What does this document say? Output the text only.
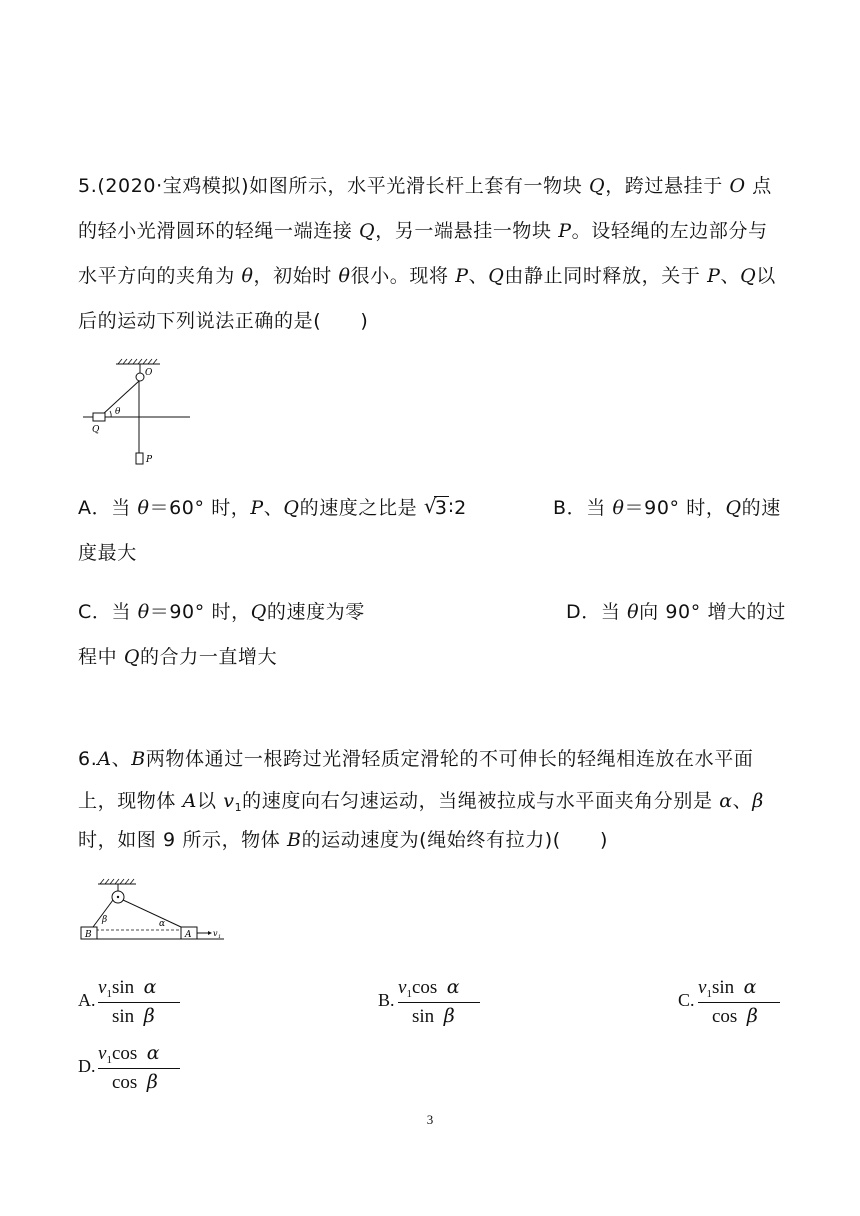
5.(2020·宝鸡模拟)如图所示，水平光滑长杆上套有一物块 Q，跨过悬挂于 O 点
的轻小光滑圆环的轻绳一端连接 Q，另一端悬挂一物块 P。设轻绳的左边部分与
水平方向的夹角为 θ，初始时 θ很小。现将 P、Q由静止同时释放，关于 P、Q以
后的运动下列说法正确的是(　　)
O
θ
Q
P
A．当 θ＝60° 时，P、Q的速度之比是 √
3∶2	B．当 θ＝90° 时，Q的速
度最大
C．当 θ＝90° 时，Q的速度为零	D．当 θ向 90° 增大的过
程中 Q的合力一直增大
6.A、B两物体通过一根跨过光滑轻质定滑轮的不可伸长的轻绳相连放在水平面
上，现物体 A以 $v_1$的速度向右匀速运动，当绳被拉成与水平面夹角分别是 α、β
时，如图 9 所示，物体 B的运动速度为(绳始终有拉力)(　　)
B	A
β	α
v 1
A.
$v_1\sin$ α
sin β
B.
$v_1\cos$ α
sin β
C.
$v_1\sin$ α
cos β
D.
$v_1\cos$ α
cos β
3
